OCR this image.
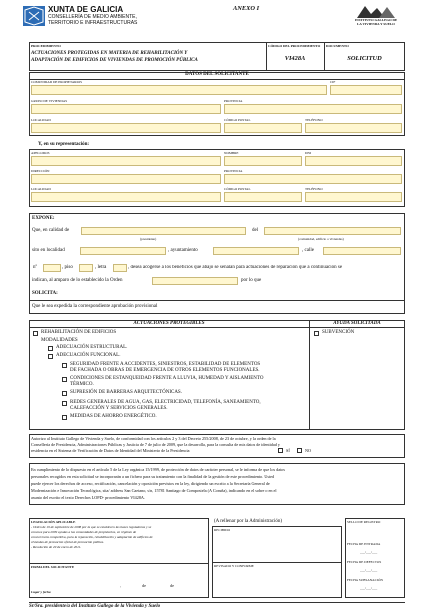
XUNTA DE GALICIA
CONSELLERÍA DE MEDIO AMBIENTE,
TERRITORIO E INFRAESTRUCTURAS
ANEXO I
INSTITUTO GALLEGO DE
LA VIVIENDA Y SUELO
PROCEDIMIENTO	CÓDIGO DEL PROCEDIMIENTO DOCUMENTO
ACTUACIONES PROTEGIDAS EN MATERIA DE REHABILITACIÓN Y
ADAPTACIÓN DE EDIFICIOS DE VIVIENDAS DE PROMOCIÓN PÚBLICA	VI428A	SOLICITUD
DATOS DEL SOLICITANTE
COMUNIDAD DE PROPIETARIOS	CIF
GRUPO DE VIVIENDAS	PROVINCIA
LOCALIDAD	CÓDIGO POSTAL	TELÉFONO
Y, en su representación:
APELLIDOS	NOMBRE	DNI
DIRECCIÓN	PROVINCIA
LOCALIDAD	CÓDIGO POSTAL	TELÉFONO
EXPONE:
Que, en calidad de	del
(presidente)	(comunidad, edificio o viviendas)
sito en localidad	, ayuntamiento	, calle
nº	, piso	, letra	, desea acogerse a los beneficios que abajo se señalan para actuaciones de reparación que a continuación se
indican, al amparo de lo establecido la Orden	por lo que
SOLICITA:
Que le sea expedida la correspondiente aprobación provisional
ACTUACIONES PROTEGIBLES	AYUDA SOLICITADA
REHABILITACIÓN DE EDIFICIOS
MODALIDADES
ADECUACIÓN ESTRUCTURAL.
ADECUACIÓN FUNCIONAL.
SEGURIDAD FRENTE A ACCIDENTES, SINIESTROS, ESTABILIDAD DE ELEMENTOS
DE FACHADA O OBRAS DE EMERGENCIA DE OTROS ELEMENTOS FUNCIONALES.
CONDICIONES DE ESTANQUEIDAD FRENTE A LLUVIA, HUMEDAD Y AISLAMIENTO
TÉRMICO.
SUPRESIÓN DE BARRERAS ARQUITECTÓNICAS.
REDES GENERALES DE AGUA, GAS, ELECTRICIDAD, TELEFONÍA, SANEAMIENTO,
CALEFACCIÓN Y SERVICIOS GENERALES.
MEDIDAS DE AHORRO ENERGÉTICO.
SUBVENCIÓN
Autorizo al Instituto Gallego de Vivienda y Suelo, de conformidad con los artículos 2 y 3 del Decreto 255/2008, de 23 de octubre, y la orden de la
Consellería de Presidencia, Administraciones Públicas y Justicia de 7 de julio de 2009, que la desarrolla, para la consulta de mis datos de identidad y
residencia en el Sistema de Verificación de Datos de Identidad del Ministerio de la Presidencia	SÍ	NO
En cumplimiento de lo dispuesto en el artículo 5 de la Ley orgánica 15/1999, de protección de datos de carácter personal, se le informa de que los datos
personales recogidos en esta solicitud se incorporarán a un fichero para su tratamiento con la finalidad de la gestión de este procedimiento. Usted
puede ejercer los derechos de acceso, rectificación, cancelación y oposición previstos en la ley, dirigiendo un escrito a la Secretaría General de
Modernización e Innovación Tecnológica, sita/ address San Caetano, s/n, 15781 Santiago de Compostela (A Coruña), indicando en el sobre o en el
asunto del escrito el texto Derechos LOPD- procedimiento VI428A.
LEGISLACIÓN APLICABLE
- Orden de 19 de septiembre de 2008 por la que se establecen las bases reguladoras y se
convoca para 2009 ayudas a las comunidades de propietarios, en régimen de
concurrencia competitiva, para la reparación, rehabilitación y adaptación de edificios de
viviendas de promoción oficial de promoción pública.
- Resolución de 29 de enero de 2011.
FIRMA DEL SOLICITANTE
,	de	de
Lugar y fecha
(A rellenar por la Administración)
RECIBIDO
REVISADO Y CONFORME
SELLO DE REGISTRO
FECHA DE ENTRADA
___/___/___
FECHA DE DEFECTOS
___/___/___
FECHA SUBSANACIÓN
___/___/___
Sr/Sra. presidente/a del Instituto Gallego de la Vivienda y Suelo
